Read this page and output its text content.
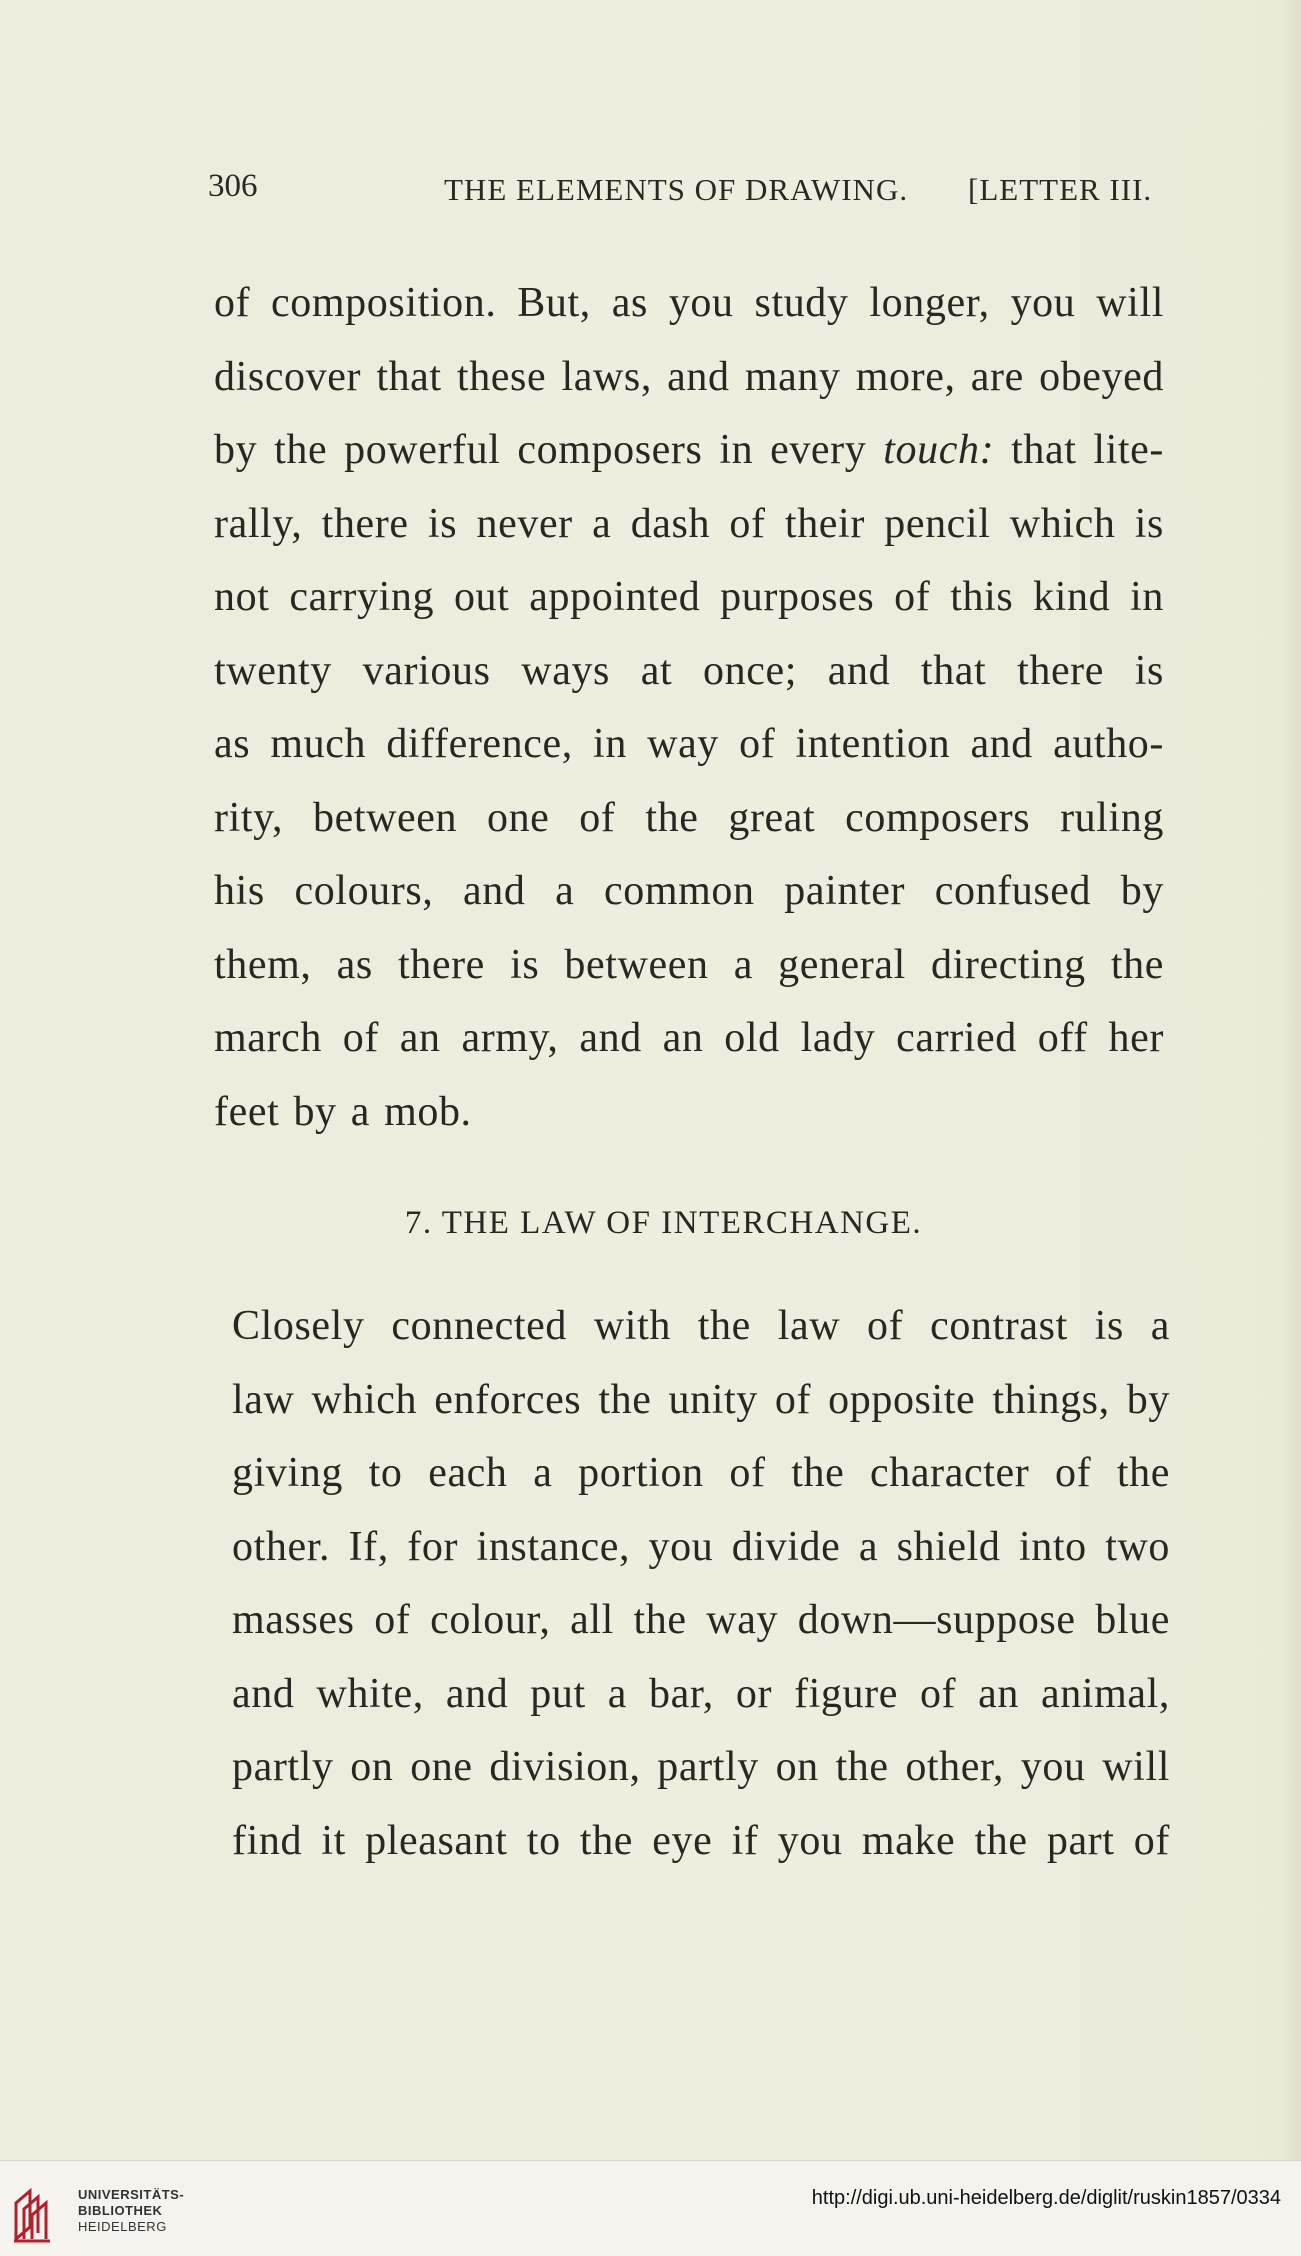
306	THE ELEMENTS OF DRAWING. [LETTER III.
of composition. But, as you study longer, you will
discover that these laws, and many more, are obeyed
by the powerful composers in every touch: that lite-
rally, there is never a dash of their pencil which is
not carrying out appointed purposes of this kind in
twenty various ways at once; and that there is
as much difference, in way of intention and autho-
rity, between one of the great composers ruling
his colours, and a common painter confused by
them, as there is between a general directing the
march of an army, and an old lady carried off her
feet by a mob.
7. THE LAW OF INTERCHANGE.
Closely connected with the law of contrast is a
law which enforces the unity of opposite things, by
giving to each a portion of the character of the
other. If, for instance, you divide a shield into two
masses of colour, all the way down—suppose blue
and white, and put a bar, or figure of an animal,
partly on one division, partly on the other, you will
find it pleasant to the eye if you make the part of
UNIVERSITÄTS-
BIBLIOTHEK
HEIDELBERG
http://digi.ub.uni-heidelberg.de/diglit/ruskin1857/0334
